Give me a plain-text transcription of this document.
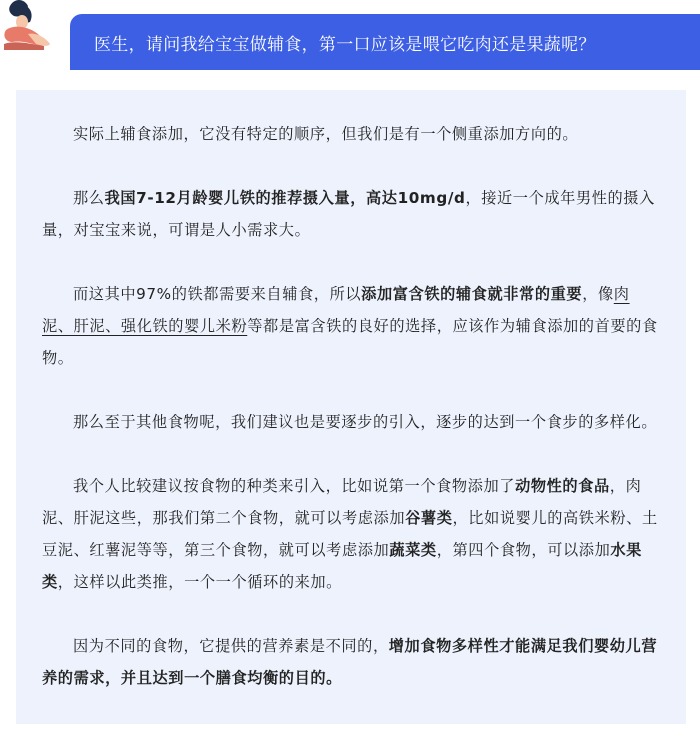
医生，请问我给宝宝做辅食，第一口应该是喂它吃肉还是果蔬呢？

实际上辅食添加，它没有特定的顺序，但我们是有一个侧重添加方向的。

那么我国7-12月龄婴儿铁的推荐摄入量，高达10mg/d，接近一个成年男性的摄入量，对宝宝来说，可谓是人小需求大。

而这其中97%的铁都需要来自辅食，所以添加富含铁的辅食就非常的重要，像肉泥、肝泥、强化铁的婴儿米粉等都是富含铁的良好的选择，应该作为辅食添加的首要的食物。

那么至于其他食物呢，我们建议也是要逐步的引入，逐步的达到一个食步的多样化。

我个人比较建议按食物的种类来引入，比如说第一个食物添加了动物性的食品，肉泥、肝泥这些，那我们第二个食物，就可以考虑添加谷薯类，比如说婴儿的高铁米粉、土豆泥、红薯泥等等，第三个食物，就可以考虑添加蔬菜类，第四个食物，可以添加水果类，这样以此类推，一个一个循环的来加。

因为不同的食物，它提供的营养素是不同的，增加食物多样性才能满足我们婴幼儿营养的需求，并且达到一个膳食均衡的目的。
